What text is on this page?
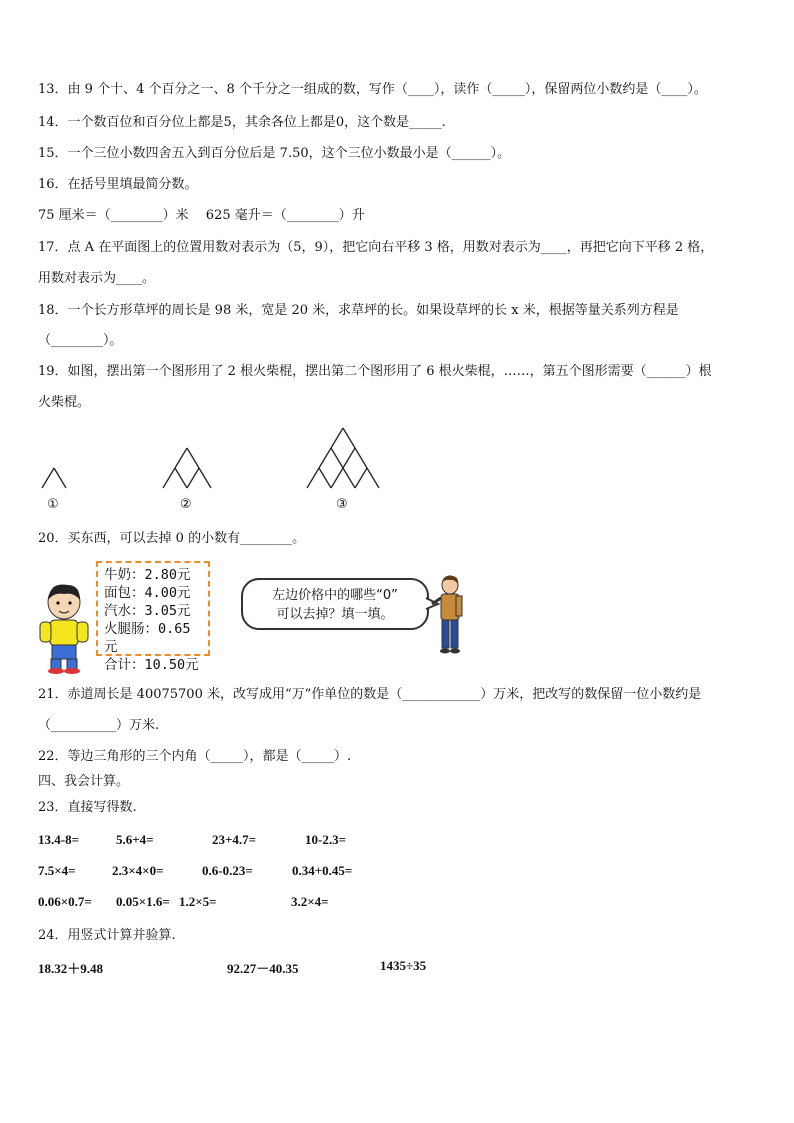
13．由 9 个十、4 个百分之一、8 个千分之一组成的数，写作（____），读作（_____），保留两位小数约是（____）。
14．一个数百位和百分位上都是5，其余各位上都是0，这个数是_____.
15．一个三位小数四舍五入到百分位后是 7.50，这个三位小数最小是（______）。
16．在括号里填最简分数。
75 厘米＝（________）米　 625 毫升＝（________）升
17．点 A 在平面图上的位置用数对表示为（5，9），把它向右平移 3 格，用数对表示为____，再把它向下平移 2 格，
用数对表示为____。
18．一个长方形草坪的周长是 98 米，宽是 20 米，求草坪的长。如果设草坪的长 x 米，根据等量关系列方程是
（________）。
19．如图，摆出第一个图形用了 2 根火柴棍，摆出第二个图形用了 6 根火柴棍，……，第五个图形需要（______）根
火柴棍。
①	②	③
20．买东西，可以去掉 0 的小数有________。
牛奶：2.80元
面包：4.00元
汽水：3.05元
火腿肠：0.65元
合计：10.50元
左边价格中的哪些“0”
可以去掉？填一填。
21．赤道周长是 40075700 米，改写成用“万”作单位的数是（____________）万米，把改写的数保留一位小数约是
（__________）万米.
22．等边三角形的三个内角（_____），都是（_____）.
四、我会计算。
23．直接写得数.
13.4-8=	5.6+4=	23+4.7=	10-2.3=
7.5×4=	2.3×4×0=	0.6-0.23=	0.34+0.45=
0.06×0.7= 0.05×1.6= 1.2×5=	3.2×4=
24．用竖式计算并验算.
18.32＋9.48	92.27－40.35	1435÷35
